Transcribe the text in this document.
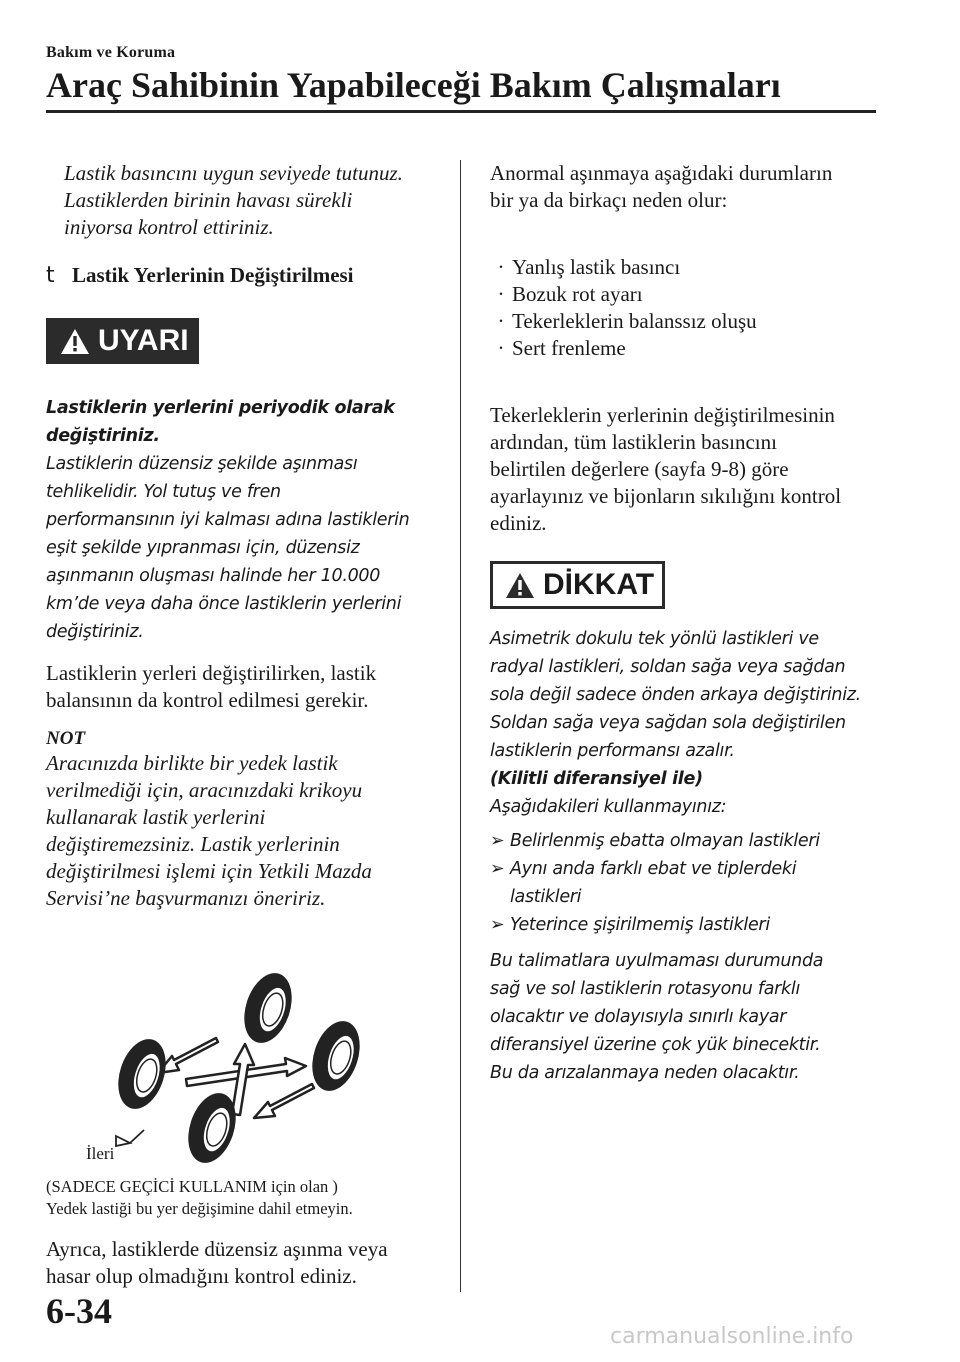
Bakım ve Koruma
Araç Sahibinin Yapabileceği Bakım Çalışmaları

Lastik basıncını uygun seviyede tutunuz.

Lastiklerden birinin havası sürekli

iniyorsa kontrol ettiriniz.

t Lastik Yerlerinin Değiştirilmesi
UYARI

Lastiklerin yerlerini periyodik olarak

değiştiriniz.

Lastiklerin düzensiz şekilde aşınması

tehlikelidir. Yol tutuş ve fren

performansının iyi kalması adına lastiklerin

eşit şekilde yıpranması için, düzensiz

aşınmanın oluşması halinde her 10.000

km’de veya daha önce lastiklerin yerlerini

değiştiriniz.

Lastiklerin yerleri değiştirilirken, lastik

balansının da kontrol edilmesi gerekir.

NOT

Aracınızda birlikte bir yedek lastik

verilmediği için, aracınızdaki krikoyu

kullanarak lastik yerlerini

değiştiremezsiniz. Lastik yerlerinin

değiştirilmesi işlemi için Yetkili Mazda

Servisi’ne başvurmanızı öneririz.

İleri

(SADECE GEÇİCİ KULLANIM için olan )

Yedek lastiği bu yer değişimine dahil etmeyin.

Ayrıca, lastiklerde düzensiz aşınma veya

hasar olup olmadığını kontrol ediniz.

Anormal aşınmaya aşağıdaki durumların

bir ya da birkaçı neden olur:

· Yanlış lastik basıncı
· Bozuk rot ayarı
· Tekerleklerin balanssız oluşu
· Sert frenleme

Tekerleklerin yerlerinin değiştirilmesinin

ardından, tüm lastiklerin basıncını

belirtilen değerlere (sayfa 9-8) göre

ayarlayınız ve bijonların sıkılığını kontrol

ediniz.

DİKKAT

Asimetrik dokulu tek yönlü lastikleri ve

radyal lastikleri, soldan sağa veya sağdan

sola değil sadece önden arkaya değiştiriniz.

Soldan sağa veya sağdan sola değiştirilen

lastiklerin performansı azalır.

(Kilitli diferansiyel ile)

Aşağıdakileri kullanmayınız:

➢ Belirlenmiş ebatta olmayan lastikleri
➢ Aynı anda farklı ebat ve tiplerdeki
lastikleri
➢ Yeterince şişirilmemiş lastikleri

Bu talimatlara uyulmaması durumunda

sağ ve sol lastiklerin rotasyonu farklı

olacaktır ve dolayısıyla sınırlı kayar

diferansiyel üzerine çok yük binecektir.

Bu da arızalanmaya neden olacaktır.

6-34
carmanualsonline.info
